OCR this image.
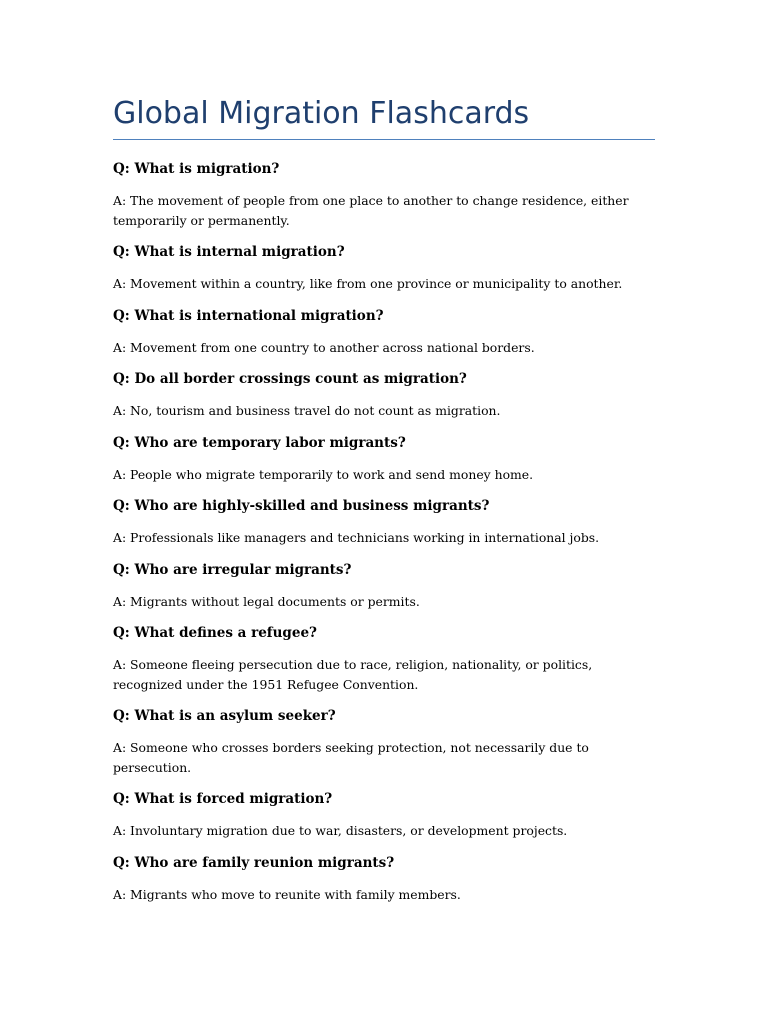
Global Migration Flashcards

Q: What is migration?

A: The movement of people from one place to another to change residence, either temporarily or permanently.

Q: What is internal migration?

A: Movement within a country, like from one province or municipality to another.

Q: What is international migration?

A: Movement from one country to another across national borders.

Q: Do all border crossings count as migration?

A: No, tourism and business travel do not count as migration.

Q: Who are temporary labor migrants?

A: People who migrate temporarily to work and send money home.

Q: Who are highly-skilled and business migrants?

A: Professionals like managers and technicians working in international jobs.

Q: Who are irregular migrants?

A: Migrants without legal documents or permits.

Q: What defines a refugee?

A: Someone fleeing persecution due to race, religion, nationality, or politics, recognized under the 1951 Refugee Convention.

Q: What is an asylum seeker?

A: Someone who crosses borders seeking protection, not necessarily due to persecution.

Q: What is forced migration?

A: Involuntary migration due to war, disasters, or development projects.

Q: Who are family reunion migrants?

A: Migrants who move to reunite with family members.
